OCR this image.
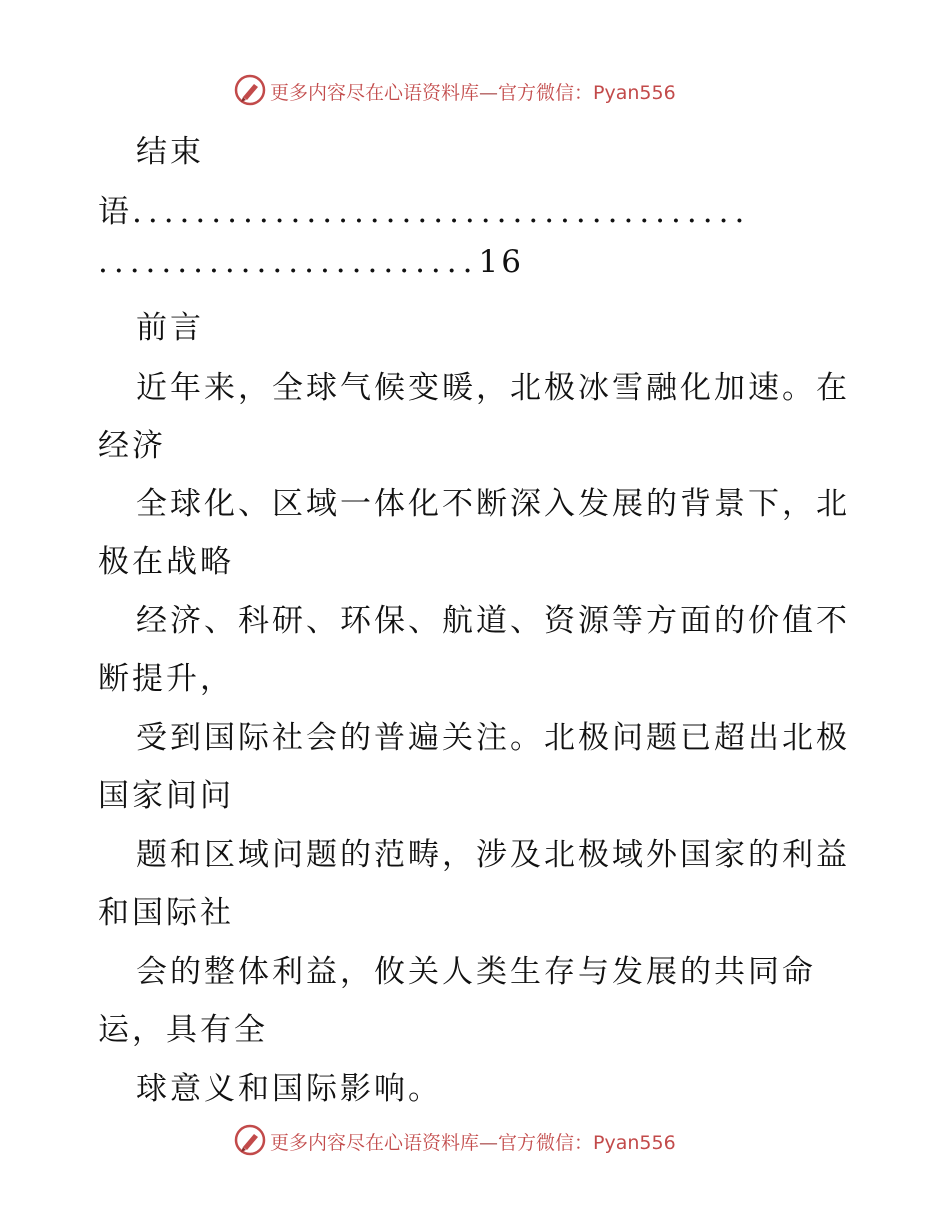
更多内容尽在心语资料库—官方微信：Pyan556
结束
语.......................................
........................16
前言
近年来，全球气候变暖，北极冰雪融化加速。在
经济
全球化、区域一体化不断深入发展的背景下，北
极在战略
经济、科研、环保、航道、资源等方面的价值不
断提升，
受到国际社会的普遍关注。北极问题已超出北极
国家间问
题和区域问题的范畴，涉及北极域外国家的利益
和国际社
会的整体利益，攸关人类生存与发展的共同命
运，具有全
球意义和国际影响。
更多内容尽在心语资料库—官方微信：Pyan556
